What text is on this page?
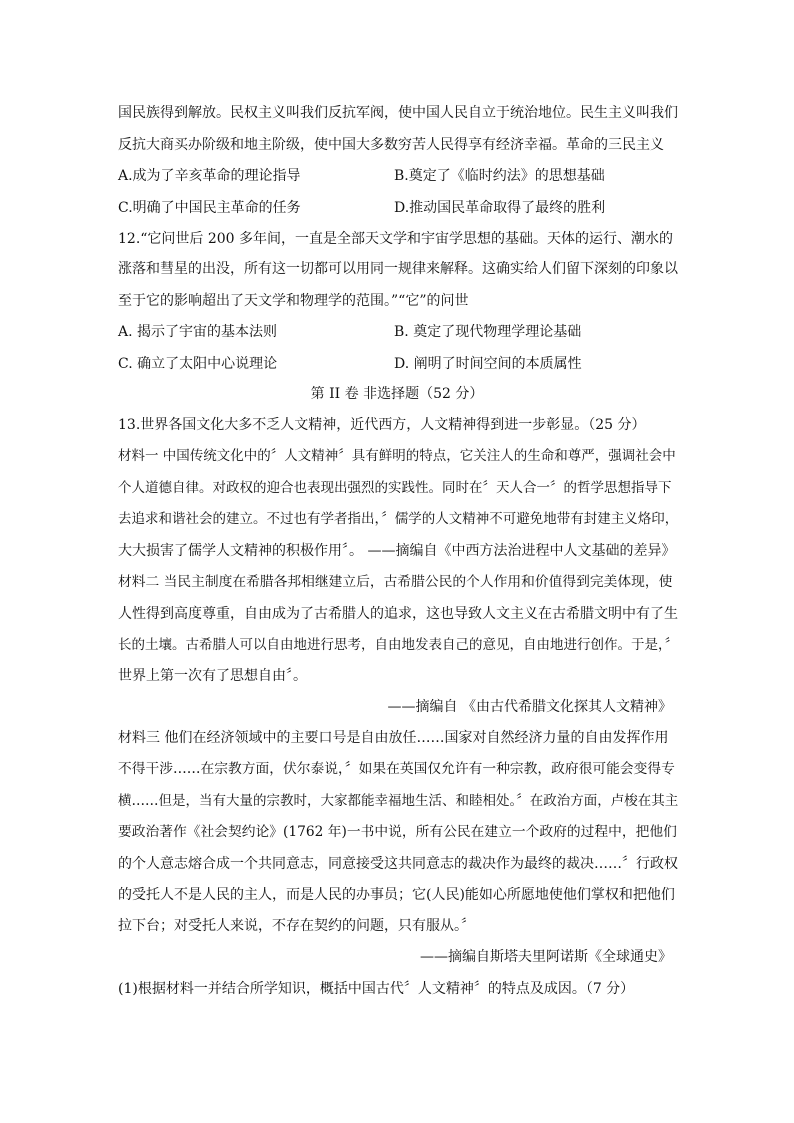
国民族得到解放。民权主义叫我们反抗军阀，使中国人民自立于统治地位。民生主义叫我们
反抗大商买办阶级和地主阶级，使中国大多数穷苦人民得享有经济幸福。革命的三民主义
A.成为了辛亥革命的理论指导	B.奠定了《临时约法》的思想基础
C.明确了中国民主革命的任务	D.推动国民革命取得了最终的胜利
12.“它问世后 200 多年间，一直是全部天文学和宇宙学思想的基础。天体的运行、潮水的
涨落和彗星的出没，所有这一切都可以用同一规律来解释。这确实给人们留下深刻的印象以
至于它的影响超出了天文学和物理学的范围。”“它”的问世
A. 揭示了宇宙的基本法则	B. 奠定了现代物理学理论基础
C. 确立了太阳中心说理论	D. 阐明了时间空间的本质属性
第 II 卷 非选择题（52 分）
13.世界各国文化大多不乏人文精神，近代西方，人文精神得到进一步彰显。（25 分）
材料一 中国传统文化中的〞人文精神〞具有鲜明的特点，它关注人的生命和尊严，强调社会中
个人道德自律。对政权的迎合也表现出强烈的实践性。同时在〞天人合一〞的哲学思想指导下
去追求和谐社会的建立。不过也有学者指出，〞儒学的人文精神不可避免地带有封建主义烙印，
大大损害了儒学人文精神的积极作用〞。 ——摘编自《中西方法治进程中人文基础的差异》
材料二 当民主制度在希腊各邦相继建立后，古希腊公民的个人作用和价值得到完美体现，使
人性得到高度尊重，自由成为了古希腊人的追求，这也导致人文主义在古希腊文明中有了生
长的土壤。古希腊人可以自由地进行思考，自由地发表自己的意见，自由地进行创作。于是，〞
世界上第一次有了思想自由〞。
——摘编自 《由古代希腊文化探其人文精神》
材料三 他们在经济领域中的主要口号是自由放任……国家对自然经济力量的自由发挥作用
不得干涉……在宗教方面，伏尔泰说，〞如果在英国仅允许有一种宗教，政府很可能会变得专
横……但是，当有大量的宗教时，大家都能幸福地生活、和睦相处。〞在政治方面，卢梭在其主
要政治著作《社会契约论》(1762 年)一书中说，所有公民在建立一个政府的过程中，把他们
的个人意志熔合成一个共同意志，同意接受这共同意志的裁决作为最终的裁决……〞行政权
的受托人不是人民的主人，而是人民的办事员；它(人民)能如心所愿地使他们掌权和把他们
拉下台；对受托人来说，不存在契约的问题，只有服从。〞
——摘编自斯塔夫里阿诺斯《全球通史》
(1)根据材料一并结合所学知识，概括中国古代〞人文精神〞的特点及成因。（7 分）
